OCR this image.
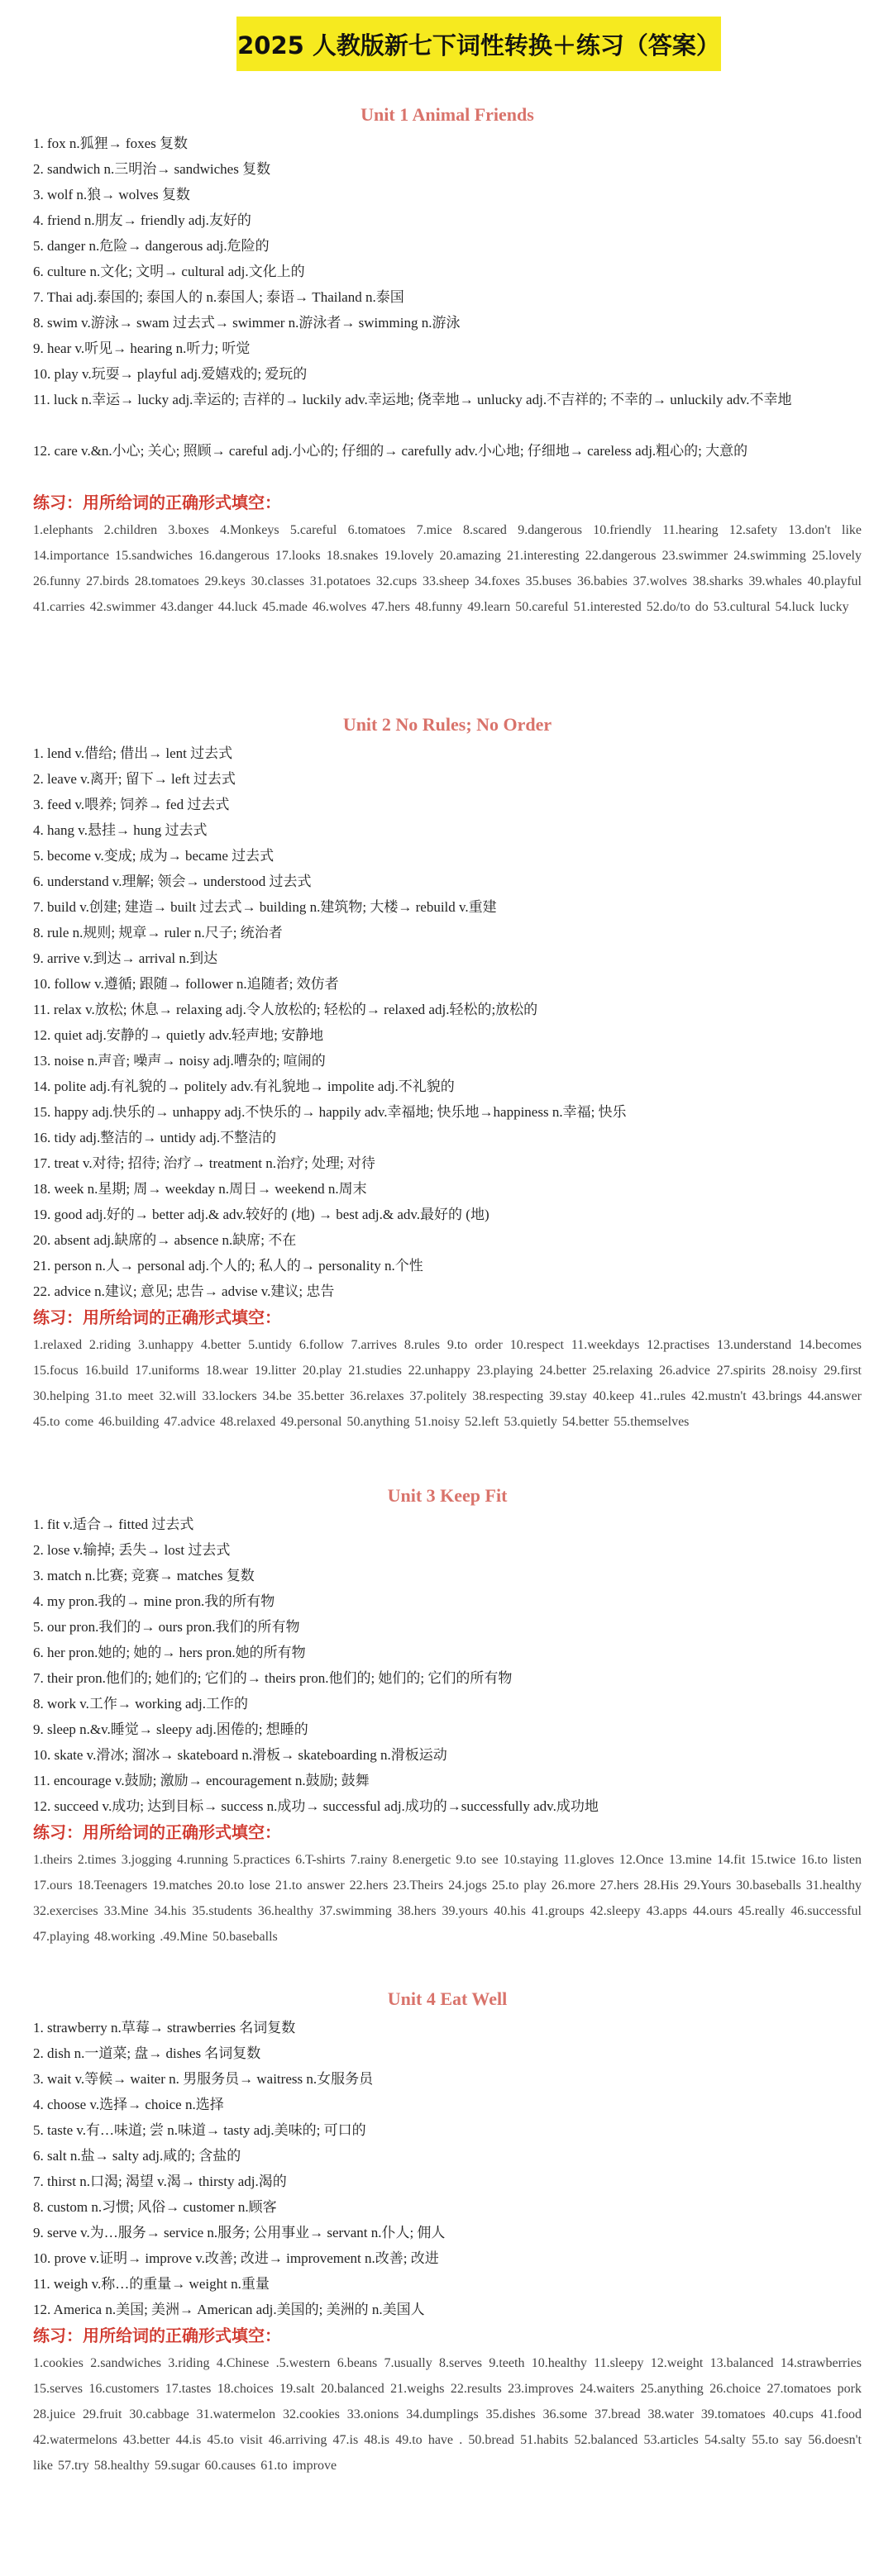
2025 人教版新七下词性转换＋练习（答案）
Unit 1 Animal Friends
1. fox n.狐狸→ foxes 复数
2. sandwich n.三明治→ sandwiches 复数
3. wolf n.狼→ wolves 复数
4. friend n.朋友→ friendly adj.友好的
5. danger n.危险→ dangerous adj.危险的
6. culture n.文化; 文明→ cultural adj.文化上的
7. Thai adj.泰国的; 泰国人的 n.泰国人; 泰语→ Thailand n.泰国
8. swim v.游泳→ swam 过去式→ swimmer n.游泳者→ swimming n.游泳
9. hear v.听见→ hearing n.听力; 听觉
10. play v.玩耍→ playful adj.爱嬉戏的; 爱玩的
11. luck n.幸运→ lucky adj.幸运的; 吉祥的→ luckily adv.幸运地; 侥幸地→ unlucky adj.不吉祥的; 不幸的→ unluckily adv.不幸地
12. care v.&n.小心; 关心; 照顾→ careful adj.小心的; 仔细的→ carefully adv.小心地; 仔细地→ careless adj.粗心的; 大意的
练习：用所给词的正确形式填空：
1.elephants 2.children 3.boxes 4.Monkeys 5.careful 6.tomatoes 7.mice 8.scared 9.dangerous 10.friendly 11.hearing 12.safety 13.don't like 14.importance 15.sandwiches 16.dangerous 17.looks 18.snakes 19.lovely 20.amazing 21.interesting 22.dangerous 23.swimmer 24.swimming 25.lovely 26.funny 27.birds 28.tomatoes 29.keys 30.classes 31.potatoes 32.cups 33.sheep 34.foxes 35.buses 36.babies 37.wolves 38.sharks 39.whales 40.playful 41.carries 42.swimmer 43.danger 44.luck 45.made 46.wolves 47.hers 48.funny 49.learn 50.careful 51.interested 52.do/to do 53.cultural 54.luck lucky
Unit 2 No Rules; No Order
1. lend v.借给; 借出→ lent 过去式
2. leave v.离开; 留下→ left 过去式
3. feed v.喂养; 饲养→ fed 过去式
4. hang v.悬挂→ hung 过去式
5. become v.变成; 成为→ became 过去式
6. understand v.理解; 领会→ understood 过去式
7. build v.创建; 建造→ built 过去式→ building n.建筑物; 大楼→ rebuild v.重建
8. rule n.规则; 规章→ ruler n.尺子; 统治者
9. arrive v.到达→ arrival n.到达
10. follow v.遵循; 跟随→ follower n.追随者; 效仿者
11. relax v.放松; 休息→ relaxing adj.令人放松的; 轻松的→ relaxed adj.轻松的;放松的
12. quiet adj.安静的→ quietly adv.轻声地; 安静地
13. noise n.声音; 噪声→ noisy adj.嘈杂的; 喧闹的
14. polite adj.有礼貌的→ politely adv.有礼貌地→ impolite adj.不礼貌的
15. happy adj.快乐的→ unhappy adj.不快乐的→ happily adv.幸福地; 快乐地→happiness n.幸福; 快乐
16. tidy adj.整洁的→ untidy adj.不整洁的
17. treat v.对待; 招待; 治疗→ treatment n.治疗; 处理; 对待
18. week n.星期; 周→ weekday n.周日→ weekend n.周末
19. good adj.好的→ better adj.& adv.较好的 (地) → best adj.& adv.最好的 (地)
20. absent adj.缺席的→ absence n.缺席; 不在
21. person n.人→ personal adj.个人的; 私人的→ personality n.个性
22. advice n.建议; 意见; 忠告→ advise v.建议; 忠告
练习：用所给词的正确形式填空：
1.relaxed 2.riding 3.unhappy 4.better 5.untidy 6.follow 7.arrives 8.rules 9.to order 10.respect 11.weekdays 12.practises 13.understand 14.becomes 15.focus 16.build 17.uniforms 18.wear 19.litter 20.play 21.studies 22.unhappy 23.playing 24.better 25.relaxing 26.advice 27.spirits 28.noisy 29.first 30.helping 31.to meet 32.will 33.lockers 34.be 35.better 36.relaxes 37.politely 38.respecting 39.stay 40.keep 41..rules 42.mustn't 43.brings 44.answer 45.to come 46.building 47.advice 48.relaxed 49.personal 50.anything 51.noisy 52.left 53.quietly 54.better 55.themselves
Unit 3 Keep Fit
1. fit v.适合→ fitted 过去式
2. lose v.输掉; 丢失→ lost 过去式
3. match n.比赛; 竞赛→ matches 复数
4. my pron.我的→ mine pron.我的所有物
5. our pron.我们的→ ours pron.我们的所有物
6. her pron.她的; 她的→ hers pron.她的所有物
7. their pron.他们的; 她们的; 它们的→ theirs pron.他们的; 她们的; 它们的所有物
8. work v.工作→ working adj.工作的
9. sleep n.&v.睡觉→ sleepy adj.困倦的; 想睡的
10. skate v.滑冰; 溜冰→ skateboard n.滑板→ skateboarding n.滑板运动
11. encourage v.鼓励; 激励→ encouragement n.鼓励; 鼓舞
12. succeed v.成功; 达到目标→ success n.成功→ successful adj.成功的→successfully adv.成功地
练习：用所给词的正确形式填空：
1.theirs 2.times 3.jogging 4.running 5.practices 6.T-shirts 7.rainy 8.energetic 9.to see 10.staying 11.gloves 12.Once 13.mine 14.fit 15.twice 16.to listen 17.ours 18.Teenagers 19.matches 20.to lose 21.to answer 22.hers 23.Theirs 24.jogs 25.to play 26.more 27.hers 28.His 29.Yours 30.baseballs 31.healthy 32.exercises 33.Mine 34.his 35.students 36.healthy 37.swimming 38.hers 39.yours 40.his 41.groups 42.sleepy 43.apps 44.ours 45.really 46.successful 47.playing 48.working .49.Mine 50.baseballs
Unit 4 Eat Well
1. strawberry n.草莓→ strawberries 名词复数
2. dish n.一道菜; 盘→ dishes 名词复数
3. wait v.等候→ waiter n. 男服务员→ waitress n.女服务员
4. choose v.选择→ choice n.选择
5. taste v.有…味道; 尝 n.味道→ tasty adj.美味的; 可口的
6. salt n.盐→ salty adj.咸的; 含盐的
7. thirst n.口渴; 渴望 v.渴→ thirsty adj.渴的
8. custom n.习惯; 风俗→ customer n.顾客
9. serve v.为…服务→ service n.服务; 公用事业→ servant n.仆人; 佣人
10. prove v.证明→ improve v.改善; 改进→ improvement n.改善; 改进
11. weigh v.称…的重量→ weight n.重量
12. America n.美国; 美洲→ American adj.美国的; 美洲的 n.美国人
练习：用所给词的正确形式填空：
1.cookies 2.sandwiches 3.riding 4.Chinese .5.western 6.beans 7.usually 8.serves 9.teeth 10.healthy 11.sleepy 12.weight 13.balanced 14.strawberries 15.serves 16.customers 17.tastes 18.choices 19.salt 20.balanced 21.weighs 22.results 23.improves 24.waiters 25.anything 26.choice 27.tomatoes pork 28.juice 29.fruit 30.cabbage 31.watermelon 32.cookies 33.onions 34.dumplings 35.dishes 36.some 37.bread 38.water 39.tomatoes 40.cups 41.food 42.watermelons 43.better 44.is 45.to visit 46.arriving 47.is 48.is 49.to have . 50.bread 51.habits 52.balanced 53.articles 54.salty 55.to say 56.doesn't like 57.try 58.healthy 59.sugar 60.causes 61.to improve
